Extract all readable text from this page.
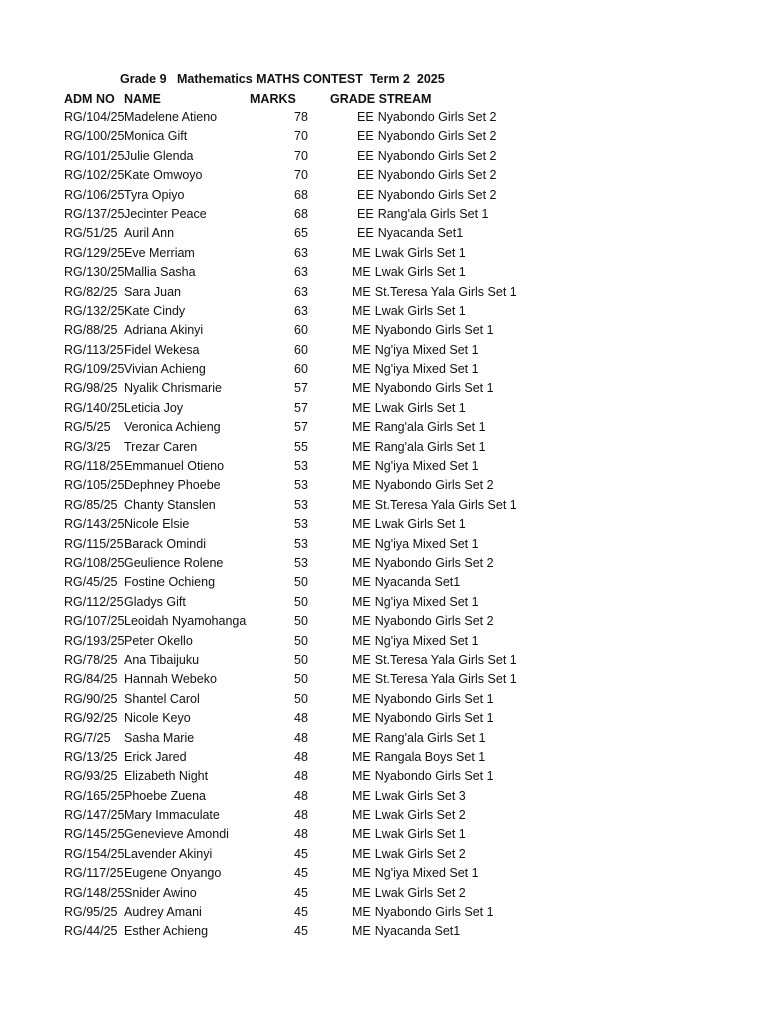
Grade 9 Mathematics MATHS CONTEST Term 2 2025
ADM NO NAME	MARKS	GRADE STREAM
RG/104/25 Madelene Atieno	78	EE Nyabondo Girls Set 2
RG/100/25 Monica Gift	70	EE Nyabondo Girls Set 2
RG/101/25 Julie Glenda	70	EE Nyabondo Girls Set 2
RG/102/25 Kate Omwoyo	70	EE Nyabondo Girls Set 2
RG/106/25 Tyra Opiyo	68	EE Nyabondo Girls Set 2
RG/137/25 Jecinter Peace	68	EE Rang'ala Girls Set 1
RG/51/25 Auril Ann	65	EE Nyacanda Set1
RG/129/25 Eve Merriam	63	ME Lwak Girls Set 1
RG/130/25 Mallia Sasha	63	ME Lwak Girls Set 1
RG/82/25 Sara Juan	63	ME St.Teresa Yala Girls Set 1
RG/132/25 Kate Cindy	63	ME Lwak Girls Set 1
RG/88/25 Adriana Akinyi	60	ME Nyabondo Girls Set 1
RG/113/25 Fidel Wekesa	60	ME Ng'iya Mixed Set 1
RG/109/25 Vivian Achieng	60	ME Ng'iya Mixed Set 1
RG/98/25 Nyalik Chrismarie	57	ME Nyabondo Girls Set 1
RG/140/25 Leticia Joy	57	ME Lwak Girls Set 1
RG/5/25	Veronica Achieng	57	ME Rang'ala Girls Set 1
RG/3/25	Trezar Caren	55	ME Rang'ala Girls Set 1
RG/118/25 Emmanuel Otieno	53	ME Ng'iya Mixed Set 1
RG/105/25 Dephney Phoebe	53	ME Nyabondo Girls Set 2
RG/85/25 Chanty Stanslen	53	ME St.Teresa Yala Girls Set 1
RG/143/25 Nicole Elsie	53	ME Lwak Girls Set 1
RG/115/25 Barack Omindi	53	ME Ng'iya Mixed Set 1
RG/108/25 Geulience Rolene	53	ME Nyabondo Girls Set 2
RG/45/25 Fostine Ochieng	50	ME Nyacanda Set1
RG/112/25 Gladys Gift	50	ME Ng'iya Mixed Set 1
RG/107/25 Leoidah Nyamohanga	50	ME Nyabondo Girls Set 2
RG/193/25 Peter Okello	50	ME Ng'iya Mixed Set 1
RG/78/25 Ana Tibaijuku	50	ME St.Teresa Yala Girls Set 1
RG/84/25 Hannah Webeko	50	ME St.Teresa Yala Girls Set 1
RG/90/25 Shantel Carol	50	ME Nyabondo Girls Set 1
RG/92/25 Nicole Keyo	48	ME Nyabondo Girls Set 1
RG/7/25	Sasha Marie	48	ME Rang'ala Girls Set 1
RG/13/25 Erick Jared	48	ME Rangala Boys Set 1
RG/93/25 Elizabeth Night	48	ME Nyabondo Girls Set 1
RG/165/25 Phoebe Zuena	48	ME Lwak Girls Set 3
RG/147/25 Mary Immaculate	48	ME Lwak Girls Set 2
RG/145/25 Genevieve Amondi	48	ME Lwak Girls Set 1
RG/154/25 Lavender Akinyi	45	ME Lwak Girls Set 2
RG/117/25 Eugene Onyango	45	ME Ng'iya Mixed Set 1
RG/148/25 Snider Awino	45	ME Lwak Girls Set 2
RG/95/25 Audrey Amani	45	ME Nyabondo Girls Set 1
RG/44/25 Esther Achieng	45	ME Nyacanda Set1
